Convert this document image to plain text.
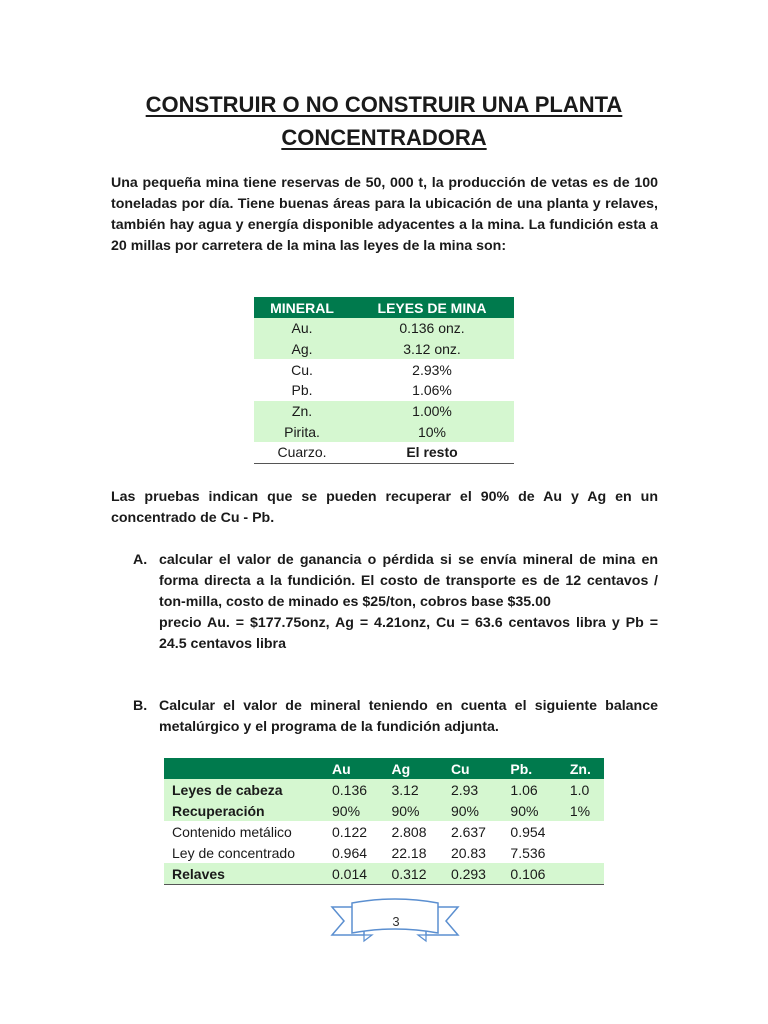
CONSTRUIR O NO CONSTRUIR UNA PLANTA
CONCENTRADORA

Una pequeña mina tiene reservas de 50, 000 t, la producción de vetas es de 100 toneladas por día. Tiene buenas áreas para la ubicación de una planta y relaves, también hay agua y energía disponible adyacentes a la mina. La fundición esta a 20 millas por carretera de la mina las leyes de la mina son:

MINERAL	LEYES DE MINA
Au.	0.136 onz.
Ag.	3.12 onz.
Cu.	2.93%
Pb.	1.06%
Zn.	1.00%
Pirita.	10%
Cuarzo.	El resto

Las pruebas indican que se pueden recuperar el 90% de Au y Ag en un concentrado de Cu - Pb.

A. calcular el valor de ganancia o pérdida si se envía mineral de mina en forma directa a la fundición. El costo de transporte es de 12 centavos / ton-milla, costo de minado es $25/ton, cobros base $35.00

precio Au. = $177.75onz, Ag = 4.21onz, Cu = 63.6 centavos libra y Pb = 24.5 centavos libra

B. Calcular el valor de mineral teniendo en cuenta el siguiente balance metalúrgico y el programa de la fundición adjunta.

	Au	Ag	Cu	Pb.	Zn.
Leyes de cabeza	0.136	3.12	2.93	1.06	1.0
Recuperación	90%	90%	90%	90%	1%
Contenido metálico	0.122	2.808	2.637	0.954	
Ley de concentrado	0.964	22.18	20.83	7.536	
Relaves	0.014	0.312	0.293	0.106	
3
